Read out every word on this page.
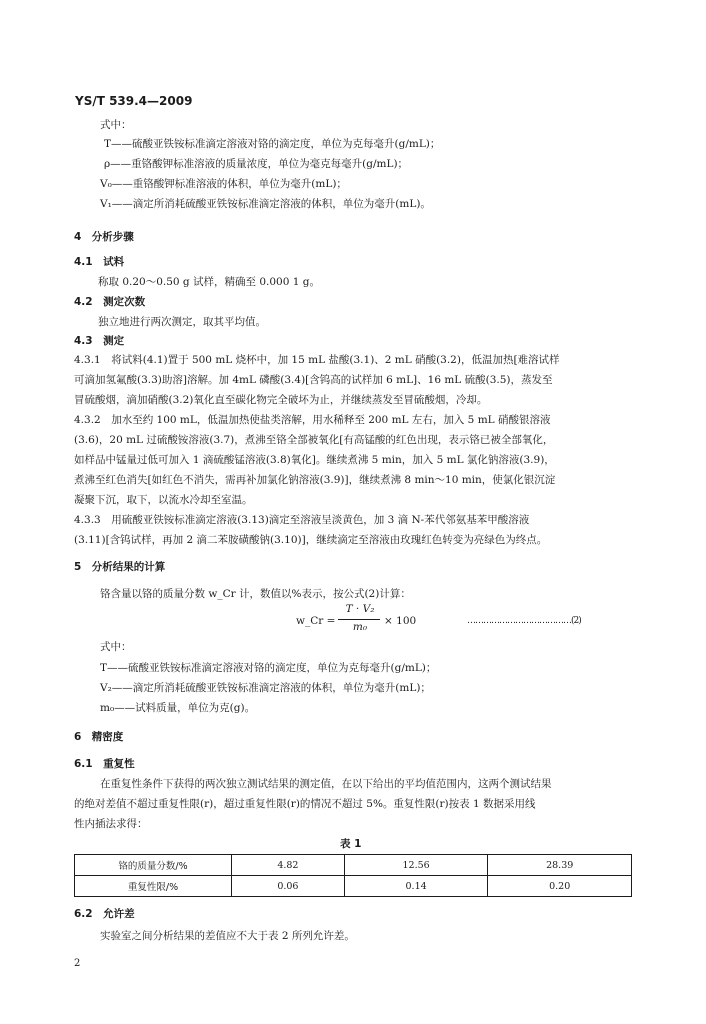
YS/T 539.4—2009
式中：
T——硫酸亚铁铵标准滴定溶液对铬的滴定度，单位为克每毫升(g/mL)；
ρ——重铬酸钾标准溶液的质量浓度，单位为毫克每毫升(g/mL)；
V₀——重铬酸钾标准溶液的体积，单位为毫升(mL)；
V₁——滴定所消耗硫酸亚铁铵标准滴定溶液的体积，单位为毫升(mL)。
4　分析步骤
4.1　试料
称取 0.20～0.50 g 试样，精确至 0.000 1 g。
4.2　测定次数
独立地进行两次测定，取其平均值。
4.3　测定
4.3.1　将试料(4.1)置于 500 mL 烧杯中，加 15 mL 盐酸(3.1)、2 mL 硝酸(3.2)，低温加热[难溶试样
可滴加氢氟酸(3.3)助溶]溶解。加 4mL 磷酸(3.4)[含钨高的试样加 6 mL]、16 mL 硫酸(3.5)，蒸发至
冒硫酸烟，滴加硝酸(3.2)氧化直至碳化物完全破坏为止，并继续蒸发至冒硫酸烟，冷却。
4.3.2　加水至约 100 mL，低温加热使盐类溶解，用水稀释至 200 mL 左右，加入 5 mL 硝酸银溶液
(3.6)，20 mL 过硫酸铵溶液(3.7)，煮沸至铬全部被氧化[有高锰酸的红色出现，表示铬已被全部氧化，
如样品中锰量过低可加入 1 滴硫酸锰溶液(3.8)氧化]。继续煮沸 5 min，加入 5 mL 氯化钠溶液(3.9)，
煮沸至红色消失[如红色不消失，需再补加氯化钠溶液(3.9)]，继续煮沸 8 min～10 min，使氯化银沉淀
凝聚下沉，取下，以流水冷却至室温。
4.3.3　用硫酸亚铁铵标准滴定溶液(3.13)滴定至溶液呈淡黄色，加 3 滴 N-苯代邻氨基苯甲酸溶液
(3.11)[含钨试样，再加 2 滴二苯胺磺酸钠(3.10)]，继续滴定至溶液由玫瑰红色转变为亮绿色为终点。
5　分析结果的计算
铬含量以铬的质量分数 w_Cr 计，数值以%表示，按公式(2)计算：
w_Cr =
T · V₂
m₀	× 100	…………………………………(2)
式中：
T——硫酸亚铁铵标准滴定溶液对铬的滴定度，单位为克每毫升(g/mL)；
V₂——滴定所消耗硫酸亚铁铵标准滴定溶液的体积，单位为毫升(mL)；
m₀——试料质量，单位为克(g)。
6　精密度
6.1　重复性
在重复性条件下获得的两次独立测试结果的测定值，在以下给出的平均值范围内，这两个测试结果
的绝对差值不超过重复性限(r)，超过重复性限(r)的情况不超过 5%。重复性限(r)按表 1 数据采用线
性内插法求得：
表 1
铬的质量分数/%	4.82	12.56	28.39
重复性限/%	0.06	0.14	0.20
6.2　允许差
实验室之间分析结果的差值应不大于表 2 所列允许差。
2
